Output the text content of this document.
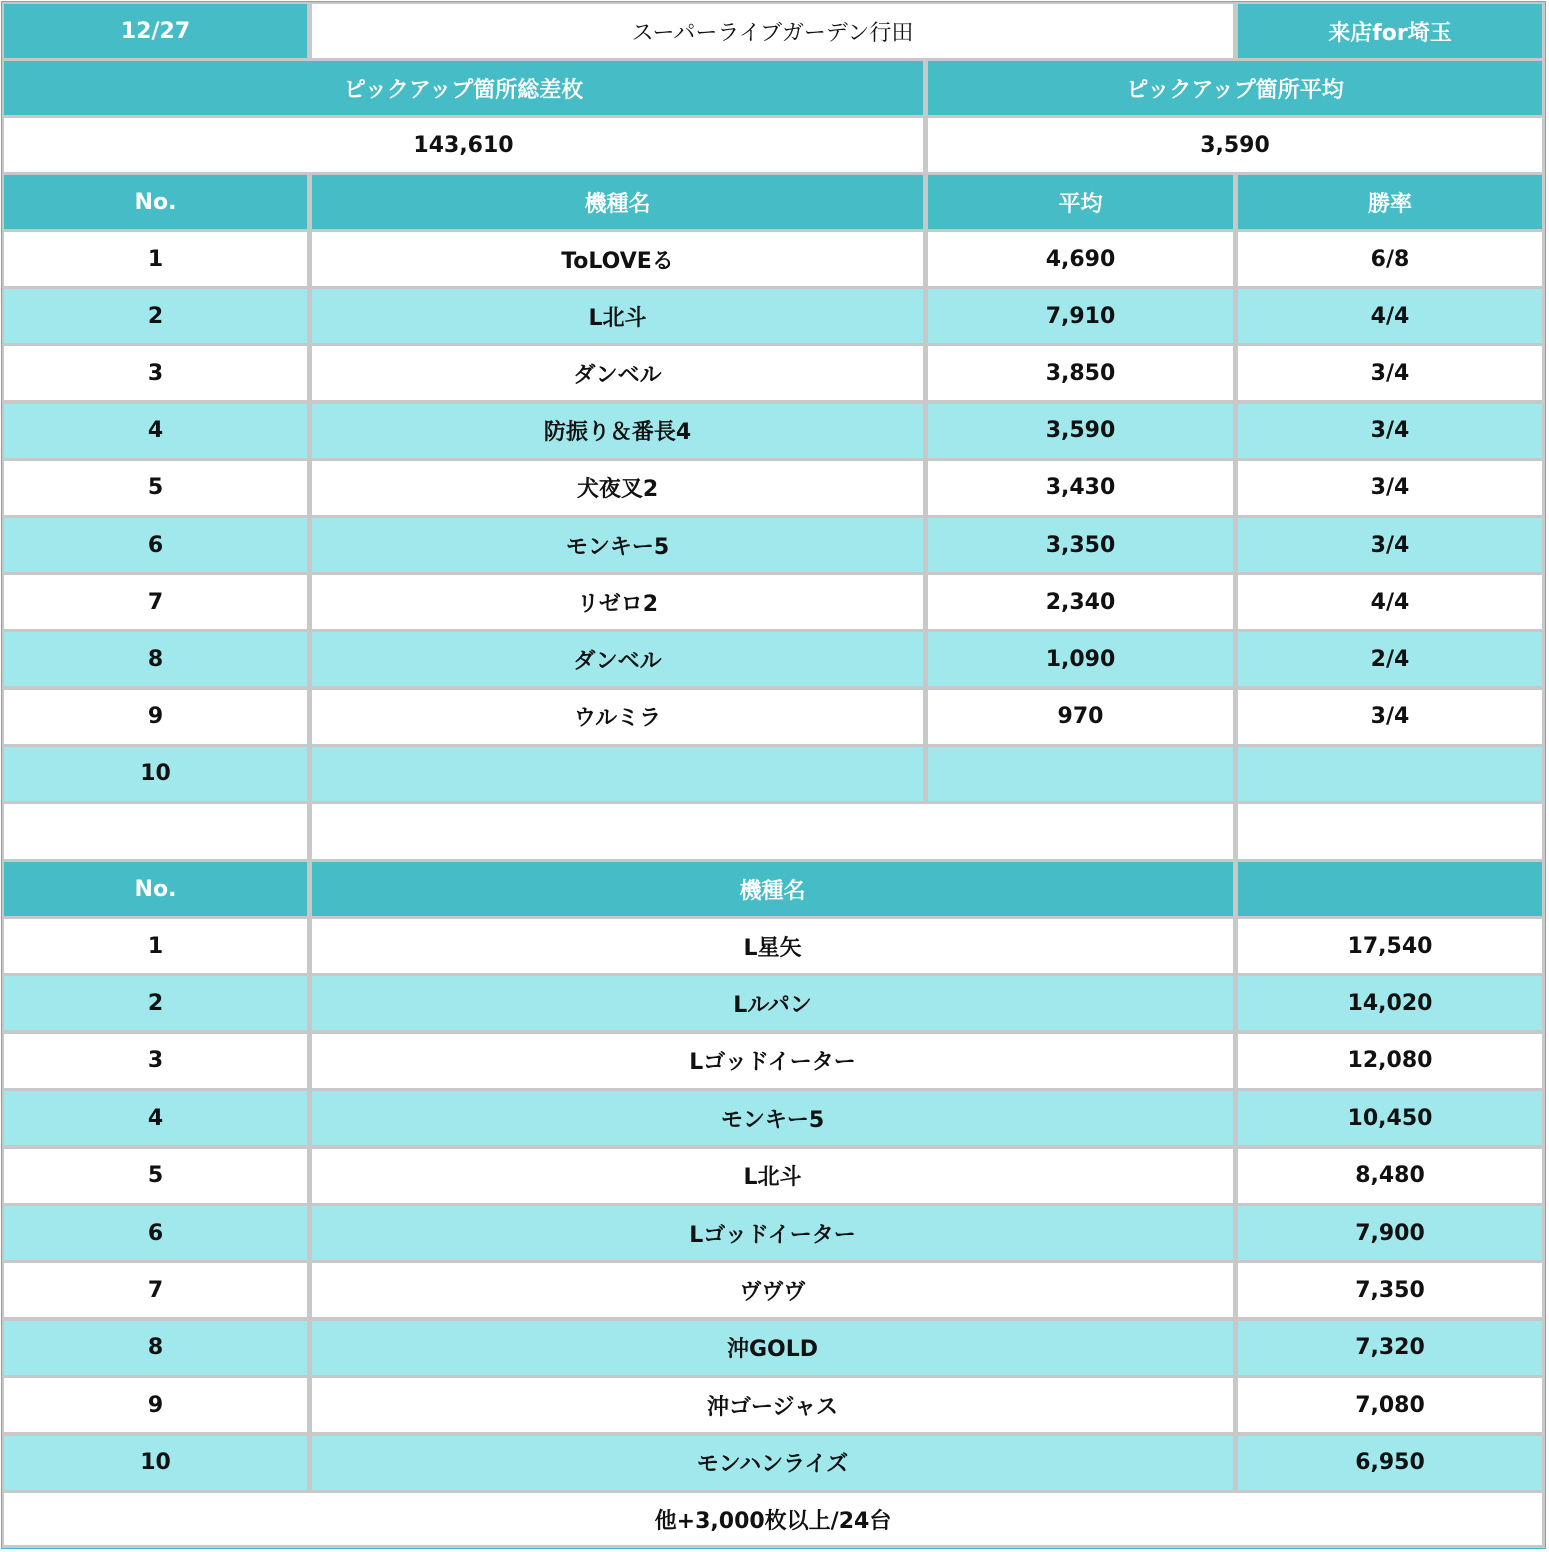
12/27	スーパーライブガーデン行田	来店for埼玉
ピックアップ箇所総差枚	ピックアップ箇所平均
143,610	3,590
No.	機種名	平均	勝率
1	ToLOVEる	4,690	6/8
2	L北斗	7,910	4/4
3	ダンベル	3,850	3/4
4	防振り＆番長4	3,590	3/4
5	犬夜叉2	3,430	3/4
6	モンキー5	3,350	3/4
7	リゼロ2	2,340	4/4
8	ダンベル	1,090	2/4
9	ウルミラ	970	3/4
10
No.	機種名
1	L星矢	17,540
2	Lルパン	14,020
3	Lゴッドイーター	12,080
4	モンキー5	10,450
5	L北斗	8,480
6	Lゴッドイーター	7,900
7	ヴヴヴ	7,350
8	沖GOLD	7,320
9	沖ゴージャス	7,080
10	モンハンライズ	6,950
他+3,000枚以上/24台
